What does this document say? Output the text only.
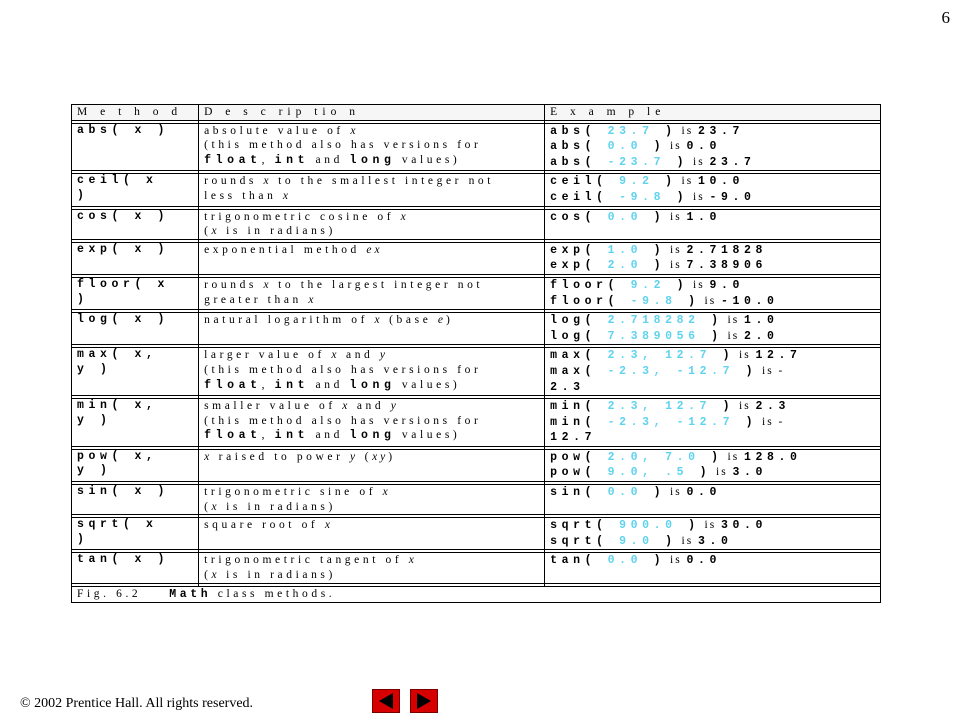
6
M e t h o d	D e s c rip tio n	E x a m p le

abs( x )	absolute value of x
(this method also has versions for
float, int and long values)	abs( 23.7 ) is 23.7
abs( 0.0 ) is 0.0
abs( -23.7 ) is 23.7

ceil( x
)	rounds x to the smallest integer not
less than x	ceil( 9.2 ) is 10.0
ceil( -9.8 ) is -9.0

cos( x )	trigonometric cosine of x
(x is in radians)	cos( 0.0 ) is 1.0

exp( x )	exponential method ex	exp( 1.0 ) is 2.71828
exp( 2.0 ) is 7.38906

floor( x
)	rounds x to the largest integer not
greater than x	floor( 9.2 ) is 9.0
floor( -9.8 ) is -10.0

log( x )	natural logarithm of x (base e)	log( 2.718282 ) is 1.0
log( 7.389056 ) is 2.0

max( x,
y )	larger value of x and y
(this method also has versions for
float, int and long values)	max( 2.3, 12.7 ) is 12.7
max( -2.3, -12.7 ) is -
2.3

min( x,
y )	smaller value of x and y
(this method also has versions for
float, int and long values)	min( 2.3, 12.7 ) is 2.3
min( -2.3, -12.7 ) is -
12.7

pow( x,
y )	x raised to power y (xy)	pow( 2.0, 7.0 ) is 128.0
pow( 9.0, .5 ) is 3.0

sin( x )	trigonometric sine of x
(x is in radians)	sin( 0.0 ) is 0.0

sqrt( x
)	square root of x	sqrt( 900.0 ) is 30.0
sqrt( 9.0 ) is 3.0

tan( x )	trigonometric tangent of x
(x is in radians)	tan( 0.0 ) is 0.0

Fig. 6.2 Math class methods.		
© 2002 Prentice Hall. All rights reserved.
